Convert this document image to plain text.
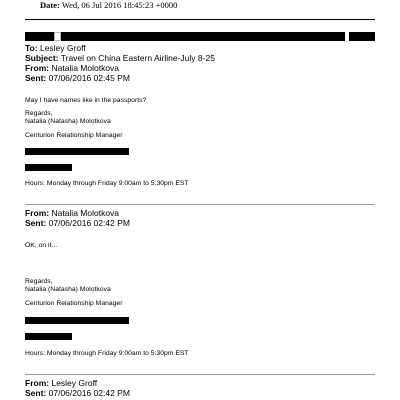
Date: Wed, 06 Jul 2016 18:45:23 +0000
To: Lesley Groff
Subject: Travel on China Eastern Airline-July 8-25
From: Natalia Molotkova
Sent: 07/06/2016 02:45 PM
May I have names like in the passports?
Regards,
Natalia (Natasha) Molotkova
Centurion Relationship Manager
Hours: Monday through Friday 9:00am to 5:30pm EST
From: Natalia Molotkova
Sent: 07/06/2016 02:42 PM
OK, on it...
Regards,
Natalia (Natasha) Molotkova
Centurion Relationship Manager
Hours: Monday through Friday 9:00am to 5:30pm EST
From: Lesley Groff
Sent: 07/06/2016 02:42 PM
